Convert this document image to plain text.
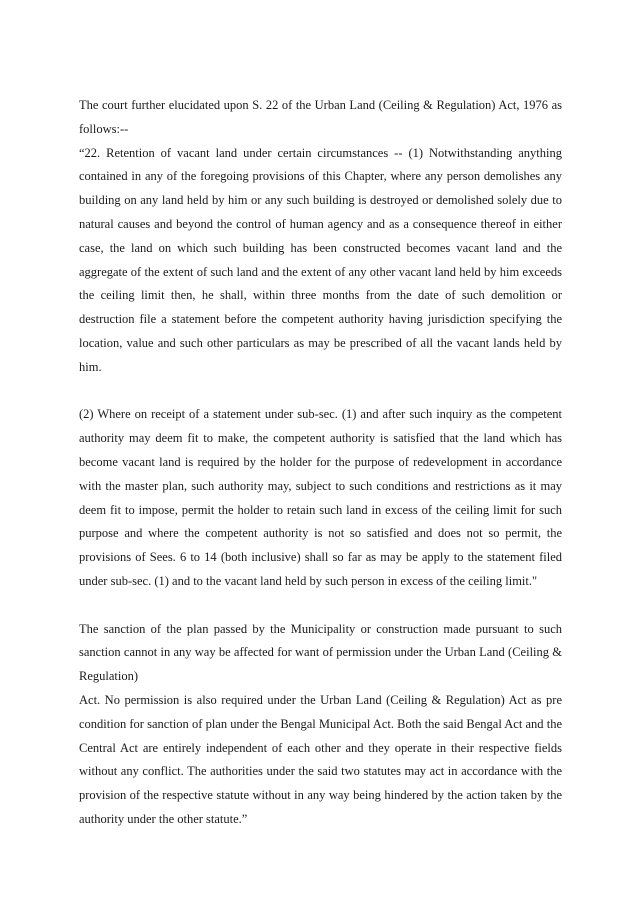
The court further elucidated upon S. 22 of the Urban Land (Ceiling & Regulation) Act, 1976 as follows:--

“22. Retention of vacant land under certain circumstances -- (1) Notwithstanding anything contained in any of the foregoing provisions of this Chapter, where any person demolishes any building on any land held by him or any such building is destroyed or demolished solely due to natural causes and beyond the control of human agency and as a consequence thereof in either case, the land on which such building has been constructed becomes vacant land and the aggregate of the extent of such land and the extent of any other vacant land held by him exceeds the ceiling limit then, he shall, within three months from the date of such demolition or destruction file a statement before the competent authority having jurisdiction specifying the location, value and such other particulars as may be prescribed of all the vacant lands held by him.

(2) Where on receipt of a statement under sub-sec. (1) and after such inquiry as the competent authority may deem fit to make, the competent authority is satisfied that the land which has become vacant land is required by the holder for the purpose of redevelopment in accordance with the master plan, such authority may, subject to such conditions and restrictions as it may deem fit to impose, permit the holder to retain such land in excess of the ceiling limit for such purpose and where the competent authority is not so satisfied and does not so permit, the provisions of Sees. 6 to 14 (both inclusive) shall so far as may be apply to the statement filed under sub-sec. (1) and to the vacant land held by such person in excess of the ceiling limit."

The sanction of the plan passed by the Municipality or construction made pursuant to such sanction cannot in any way be affected for want of permission under the Urban Land (Ceiling & Regulation)

Act. No permission is also required under the Urban Land (Ceiling & Regulation) Act as pre condition for sanction of plan under the Bengal Municipal Act. Both the said Bengal Act and the Central Act are entirely independent of each other and they operate in their respective fields without any conflict. The authorities under the said two statutes may act in accordance with the provision of the respective statute without in any way being hindered by the action taken by the authority under the other statute.”
